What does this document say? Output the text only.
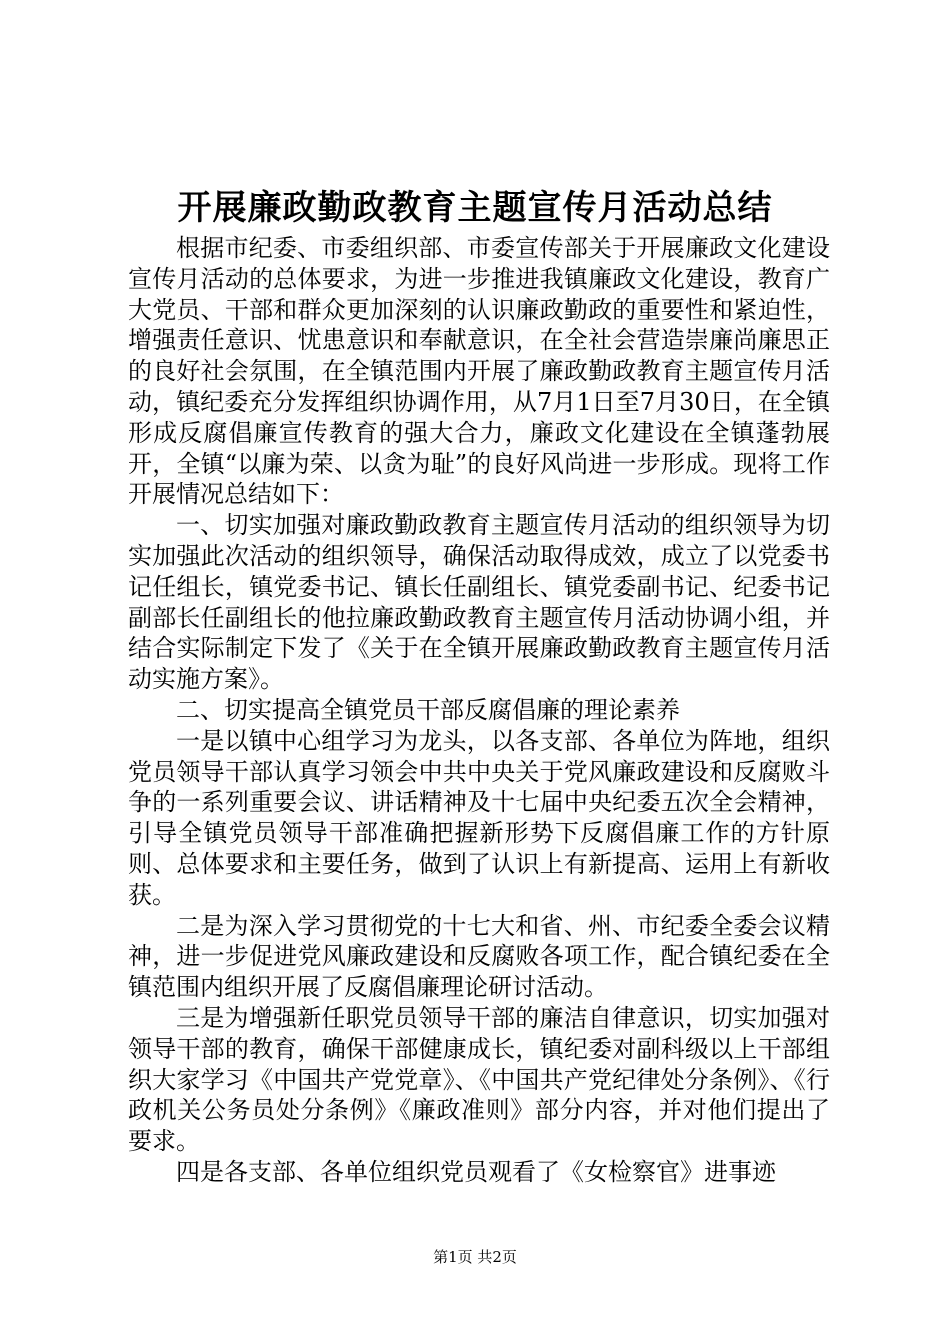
开展廉政勤政教育主题宣传月活动总结

根据市纪委、市委组织部、市委宣传部关于开展廉政文化建设宣传月活动的总体要求，为进一步推进我镇廉政文化建设，教育广大党员、干部和群众更加深刻的认识廉政勤政的重要性和紧迫性，增强责任意识、忧患意识和奉献意识，在全社会营造崇廉尚廉思正的良好社会氛围，在全镇范围内开展了廉政勤政教育主题宣传月活动，镇纪委充分发挥组织协调作用，从7月1日至7月30日，在全镇形成反腐倡廉宣传教育的强大合力，廉政文化建设在全镇蓬勃展开，全镇“以廉为荣、以贪为耻”的良好风尚进一步形成。现将工作开展情况总结如下：

一、切实加强对廉政勤政教育主题宣传月活动的组织领导为切实加强此次活动的组织领导，确保活动取得成效，成立了以党委书记任组长，镇党委书记、镇长任副组长、镇党委副书记、纪委书记副部长任副组长的他拉廉政勤政教育主题宣传月活动协调小组，并结合实际制定下发了《关于在全镇开展廉政勤政教育主题宣传月活动实施方案》。

二、切实提高全镇党员干部反腐倡廉的理论素养

一是以镇中心组学习为龙头，以各支部、各单位为阵地，组织党员领导干部认真学习领会中共中央关于党风廉政建设和反腐败斗争的一系列重要会议、讲话精神及十七届中央纪委五次全会精神，引导全镇党员领导干部准确把握新形势下反腐倡廉工作的方针原则、总体要求和主要任务，做到了认识上有新提高、运用上有新收获。

二是为深入学习贯彻党的十七大和省、州、市纪委全委会议精神，进一步促进党风廉政建设和反腐败各项工作，配合镇纪委在全镇范围内组织开展了反腐倡廉理论研讨活动。

三是为增强新任职党员领导干部的廉洁自律意识，切实加强对领导干部的教育，确保干部健康成长，镇纪委对副科级以上干部组织大家学习《中国共产党党章》、《中国共产党纪律处分条例》、《行政机关公务员处分条例》《廉政准则》部分内容，并对他们提出了要求。

四是各支部、各单位组织党员观看了《女检察官》进事迹

第1页 共2页
